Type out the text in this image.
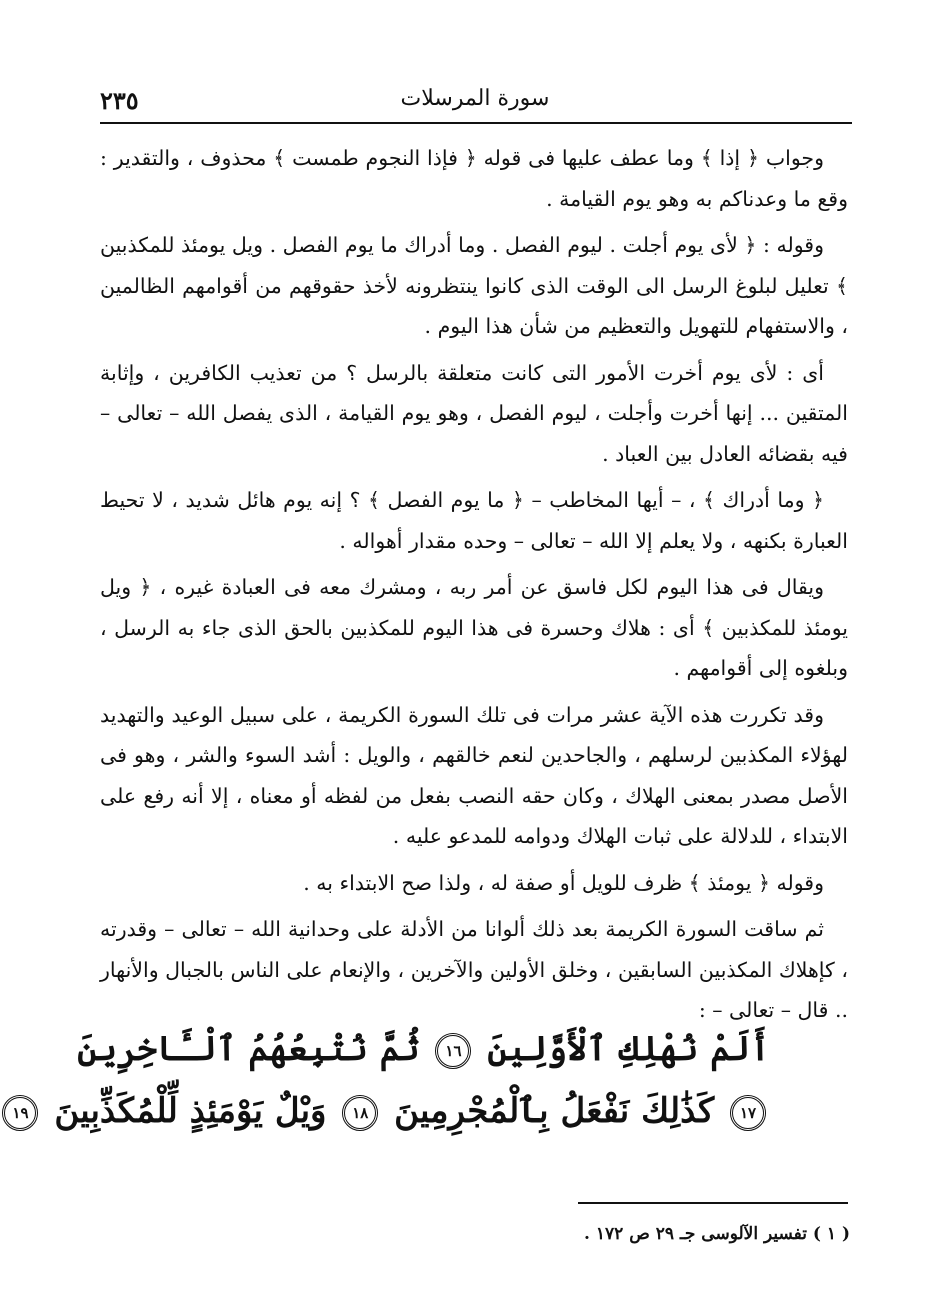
٢٣٥	سورة المرسلات

وجواب ﴿ إذا ﴾ وما عطف عليها فى قوله ﴿ فإذا النجوم طمست ﴾ محذوف ، والتقدير : وقع ما وعدناكم به وهو يوم القيامة .

وقوله : ﴿ لأى يوم أجلت . ليوم الفصل . وما أدراك ما يوم الفصل . ويل يومئذ للمكذبين ﴾ تعليل لبلوغ الرسل الى الوقت الذى كانوا ينتظرونه لأخذ حقوقهم من أقوامهم الظالمين ، والاستفهام للتهويل والتعظيم من شأن هذا اليوم .

أى : لأى يوم أخرت الأمور التى كانت متعلقة بالرسل ؟ من تعذيب الكافرين ، وإثابة المتقين ... إنها أخرت وأجلت ، ليوم الفصل ، وهو يوم القيامة ، الذى يفصل الله – تعالى – فيه بقضائه العادل بين العباد .

﴿ وما أدراك ﴾ ، – أيها المخاطب – ﴿ ما يوم الفصل ﴾ ؟ إنه يوم هائل شديد ، لا تحيط العبارة بكنهه ، ولا يعلم إلا الله – تعالى – وحده مقدار أهواله .

ويقال فى هذا اليوم لكل فاسق عن أمر ربه ، ومشرك معه فى العبادة غيره ، ﴿ ويل يومئذ للمكذبين ﴾ أى : هلاك وحسرة فى هذا اليوم للمكذبين بالحق الذى جاء به الرسل ، وبلغوه إلى أقوامهم .

وقد تكررت هذه الآية عشر مرات فى تلك السورة الكريمة ، على سبيل الوعيد والتهديد لهؤلاء المكذبين لرسلهم ، والجاحدين لنعم خالقهم ، والويل : أشد السوء والشر ، وهو فى الأصل مصدر بمعنى الهلاك ، وكان حقه النصب بفعل من لفظه أو معناه ، إلا أنه رفع على الابتداء ، للدلالة على ثبات الهلاك ودوامه للمدعو عليه .

وقوله ﴿ يومئذ ﴾ ظرف للويل أو صفة له ، ولذا صح الابتداء به .

ثم ساقت السورة الكريمة بعد ذلك ألوانا من الأدلة على وحدانية الله – تعالى – وقدرته ، كإهلاك المكذبين السابقين ، وخلق الأولين والآخرين ، والإنعام على الناس بالجبال والأنهار .. قال – تعالى – :

أَلَمْ نُهْلِكِ ٱلْأَوَّلِينَ ١٦ ثُمَّ نُتْبِعُهُمُ ٱلْـَٔاخِرِينَ
١٧ كَذَٰلِكَ نَفْعَلُ بِٱلْمُجْرِمِينَ ١٨ وَيْلٌ يَوْمَئِذٍ لِّلْمُكَذِّبِينَ ١٩
( ١ ) تفسير الآلوسى جـ ٢٩ ص ١٧٢ .
